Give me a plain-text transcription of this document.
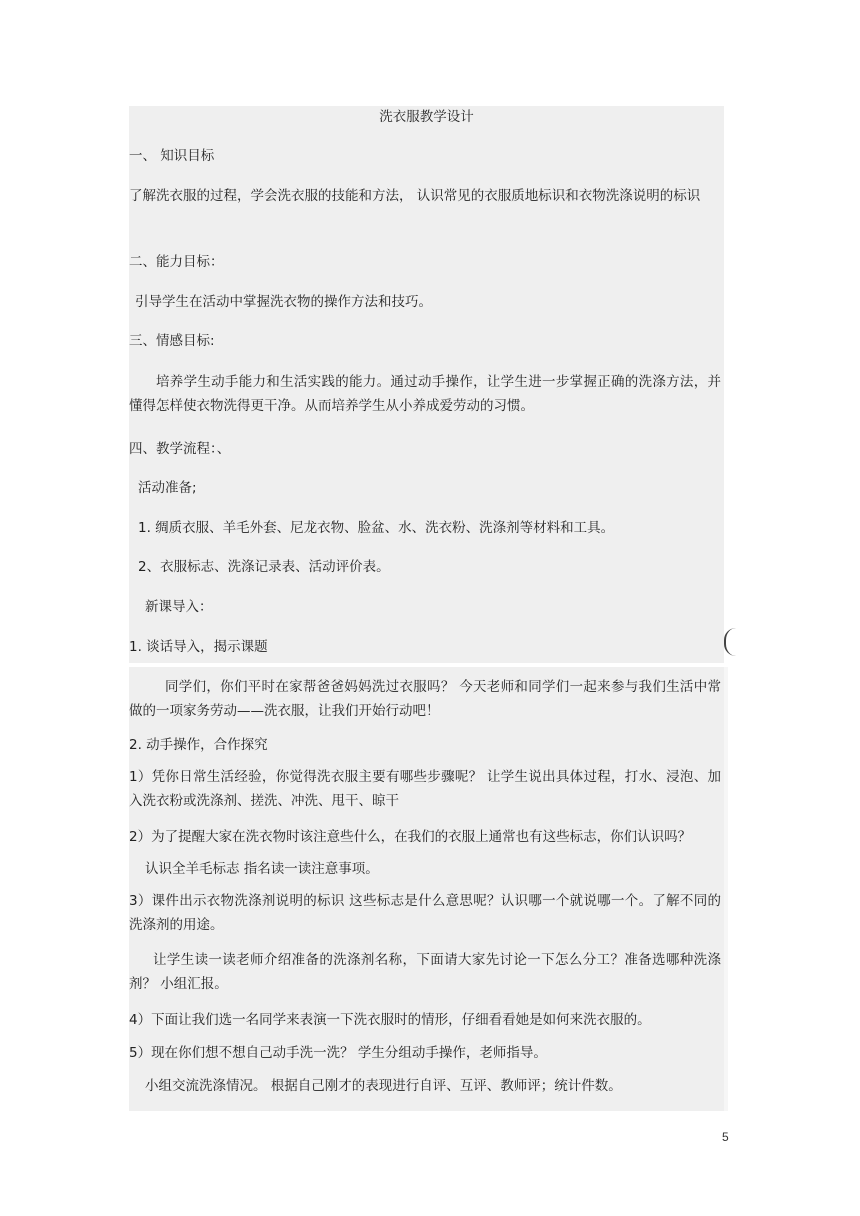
洗衣服教学设计
一、 知识目标
了解洗衣服的过程，学会洗衣服的技能和方法， 认识常见的衣服质地标识和衣物洗涤说明的标识
二、能力目标：
引导学生在活动中掌握洗衣物的操作方法和技巧。
三、情感目标:
培养学生动手能力和生活实践的能力。通过动手操作，让学生进一步掌握正确的洗涤方法，并懂得怎样使衣物洗得更干净。从而培养学生从小养成爱劳动的习惯。
四、教学流程：、
活动准备;
1. 绸质衣服、羊毛外套、尼龙衣物、脸盆、水、洗衣粉、洗涤剂等材料和工具。
2、衣服标志、洗涤记录表、活动评价表。
新课导入：
1. 谈话导入，揭示课题
同学们，你们平时在家帮爸爸妈妈洗过衣服吗？ 今天老师和同学们一起来参与我们生活中常做的一项家务劳动——洗衣服，让我们开始行动吧！
2. 动手操作，合作探究
1）凭你日常生活经验，你觉得洗衣服主要有哪些步骤呢？ 让学生说出具体过程，打水、浸泡、加入洗衣粉或洗涤剂、搓洗、冲洗、甩干、晾干
2）为了提醒大家在洗衣物时该注意些什么，在我们的衣服上通常也有这些标志，你们认识吗？
认识全羊毛标志 指名读一读注意事项。
3）课件出示衣物洗涤剂说明的标识 这些标志是什么意思呢？认识哪一个就说哪一个。了解不同的洗涤剂的用途。
让学生读一读老师介绍准备的洗涤剂名称，下面请大家先讨论一下怎么分工？准备选哪种洗涤剂？ 小组汇报。
4）下面让我们选一名同学来表演一下洗衣服时的情形，仔细看看她是如何来洗衣服的。
5）现在你们想不想自己动手洗一洗？ 学生分组动手操作，老师指导。
小组交流洗涤情况。 根据自己刚才的表现进行自评、互评、教师评；统计件数。
5
